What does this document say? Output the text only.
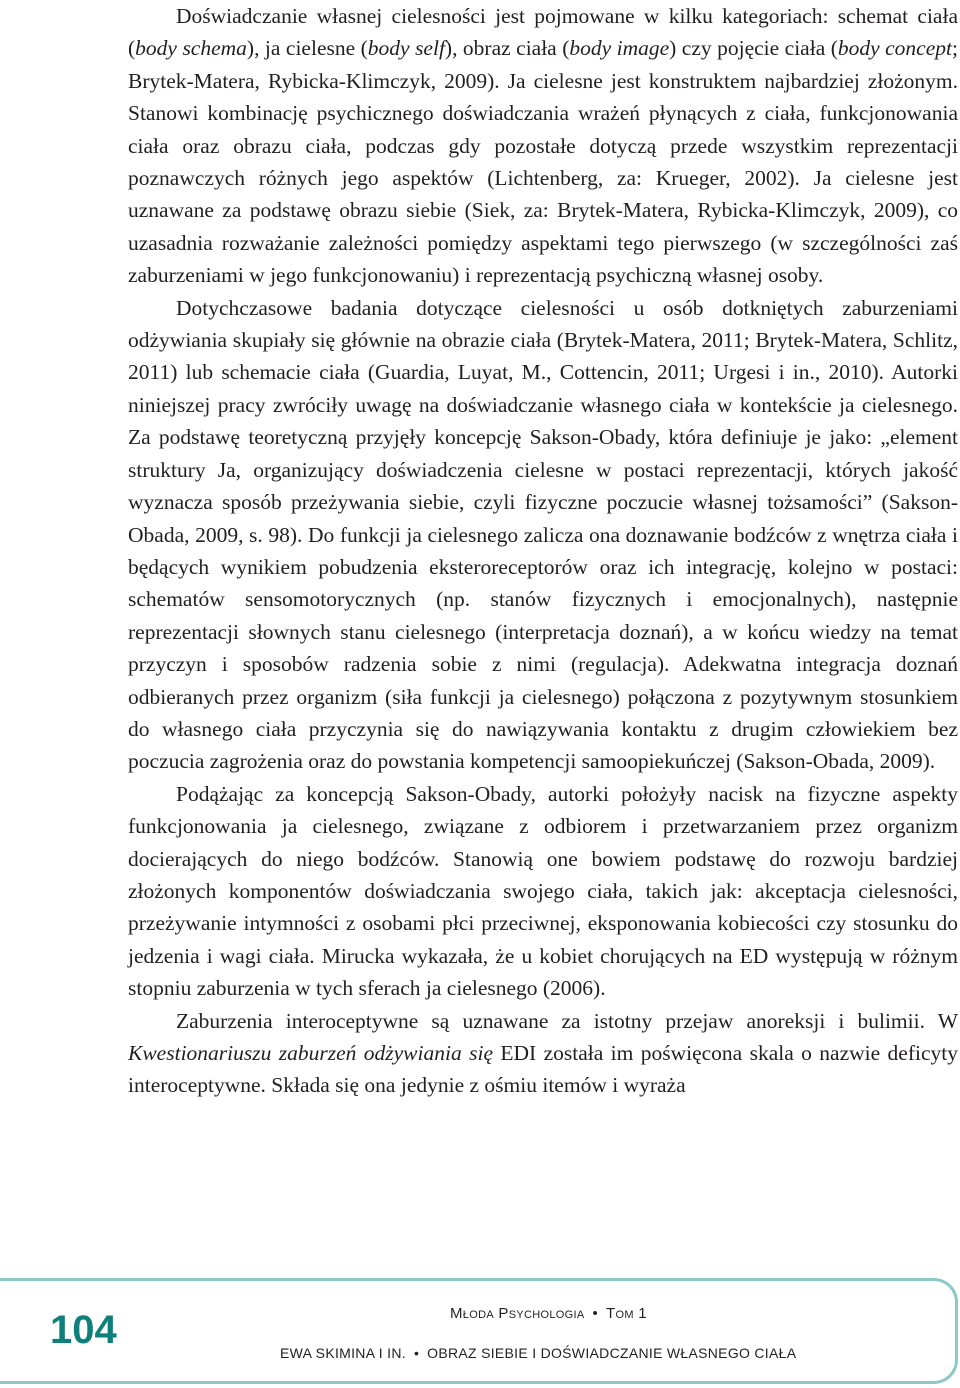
Doświadczanie własnej cielesności jest pojmowane w kilku kategoriach: schemat ciała (body schema), ja cielesne (body self), obraz ciała (body image) czy pojęcie ciała (body concept; Brytek-Matera, Rybicka-Klimczyk, 2009). Ja cielesne jest konstruktem najbardziej złożonym. Stanowi kombinację psychicznego doświadczania wrażeń płynących z ciała, funkcjonowania ciała oraz obrazu ciała, podczas gdy pozostałe dotyczą przede wszystkim reprezentacji poznawczych różnych jego aspektów (Lichtenberg, za: Krueger, 2002). Ja cielesne jest uznawane za podstawę obrazu siebie (Siek, za: Brytek-Matera, Rybicka-Klimczyk, 2009), co uzasadnia rozważanie zależności pomiędzy aspektami tego pierwszego (w szczególności zaś zaburzeniami w jego funkcjonowaniu) i reprezentacją psychiczną własnej osoby.

Dotychczasowe badania dotyczące cielesności u osób dotkniętych zaburzeniami odżywiania skupiały się głównie na obrazie ciała (Brytek-Matera, 2011; Brytek-Matera, Schlitz, 2011) lub schemacie ciała (Guardia, Luyat, M., Cottencin, 2011; Urgesi i in., 2010). Autorki niniejszej pracy zwróciły uwagę na doświadczanie własnego ciała w kontekście ja cielesnego. Za podstawę teoretyczną przyjęły koncepcję Sakson-Obady, która definiuje je jako: „element struktury Ja, organizujący doświadczenia cielesne w postaci reprezentacji, których jakość wyznacza sposób przeżywania siebie, czyli fizyczne poczucie własnej tożsamości” (Sakson-Obada, 2009, s. 98). Do funkcji ja cielesnego zalicza ona doznawanie bodźców z wnętrza ciała i będących wynikiem pobudzenia eksteroreceptorów oraz ich integrację, kolejno w postaci: schematów sensomotorycznych (np. stanów fizycznych i emocjonalnych), następnie reprezentacji słownych stanu cielesnego (interpretacja doznań), a w końcu wiedzy na temat przyczyn i sposobów radzenia sobie z nimi (regulacja). Adekwatna integracja doznań odbieranych przez organizm (siła funkcji ja cielesnego) połączona z pozytywnym stosunkiem do własnego ciała przyczynia się do nawiązywania kontaktu z drugim człowiekiem bez poczucia zagrożenia oraz do powstania kompetencji samoopiekuńczej (Sakson-Obada, 2009).

Podążając za koncepcją Sakson-Obady, autorki położyły nacisk na fizyczne aspekty funkcjonowania ja cielesnego, związane z odbiorem i przetwarzaniem przez organizm docierających do niego bodźców. Stanowią one bowiem podstawę do rozwoju bardziej złożonych komponentów doświadczania swojego ciała, takich jak: akceptacja cielesności, przeżywanie intymności z osobami płci przeciwnej, eksponowania kobiecości czy stosunku do jedzenia i wagi ciała. Mirucka wykazała, że u kobiet chorujących na ED występują w różnym stopniu zaburzenia w tych sferach ja cielesnego (2006).

Zaburzenia interoceptywne są uznawane za istotny przejaw anoreksji i bulimii. W Kwestionariuszu zaburzeń odżywiania się EDI została im poświęcona skala o nazwie deficyty interoceptywne. Składa się ona jedynie z ośmiu itemów i wyraża

104	Młoda Psychologia • Tom 1
EWA SKIMINA I IN. • OBRAZ SIEBIE I DOŚWIADCZANIE WŁASNEGO CIAŁA
